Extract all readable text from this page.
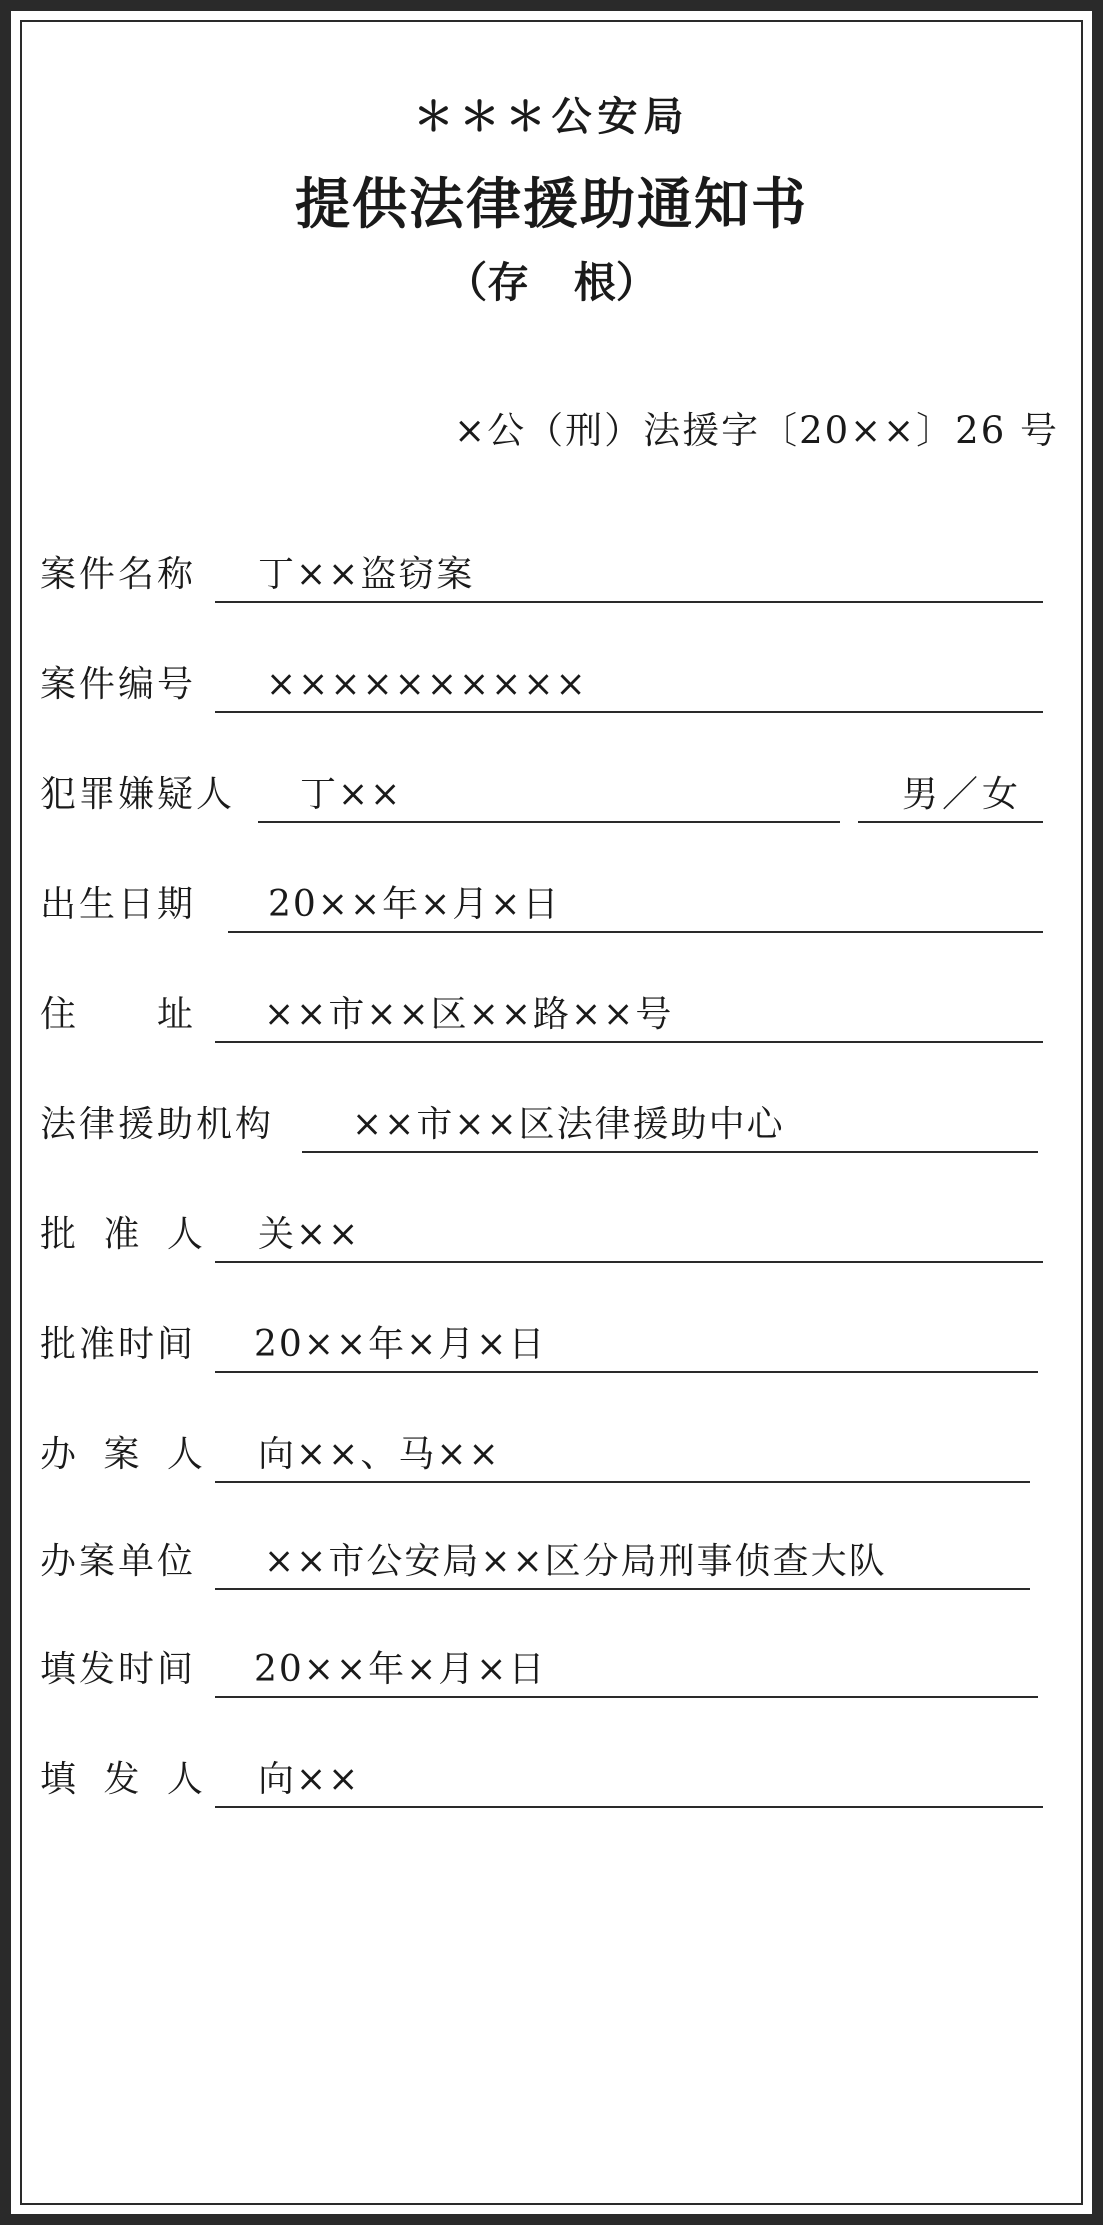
＊＊＊公安局
提供法律援助通知书
（存 根）
×公（刑）法援字〔20××〕26 号
案件名称 丁××盗窃案
案件编号 ××××××××××
犯罪嫌疑人 丁××	男／女
出生日期 20××年×月×日
住　　址 ××市××区××路××号
法律援助机构 ××市××区法律援助中心
批 准 人 关××
批准时间 20××年×月×日
办 案 人 向××、马××
办案单位 ××市公安局××区分局刑事侦查大队
填发时间 20××年×月×日
填 发 人 向××
